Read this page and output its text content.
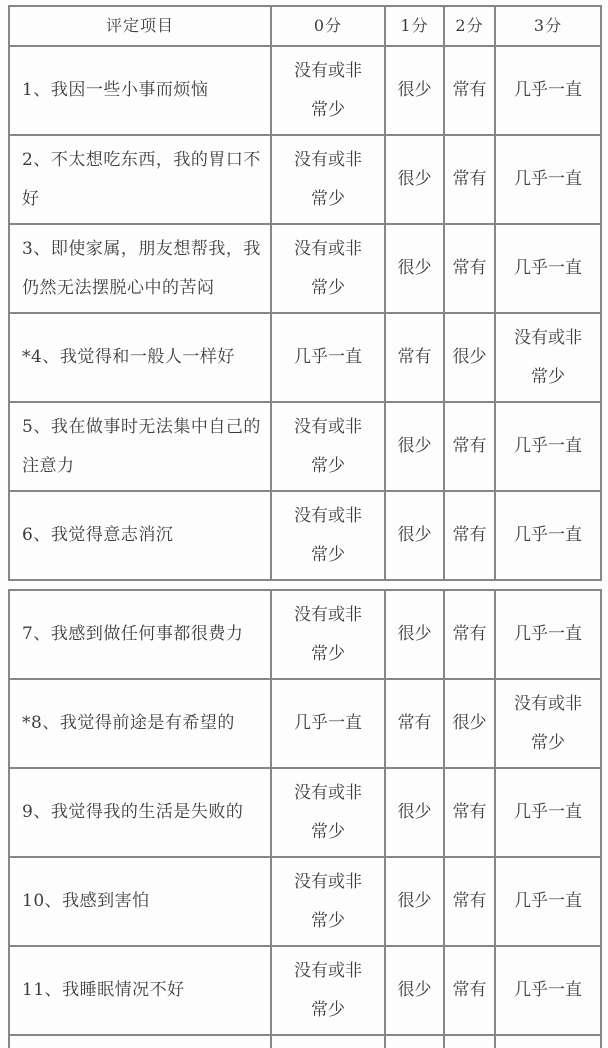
评定项目	0分	1分	2分	3分
1、我因一些小事而烦恼	没有或非常少	很少	常有	几乎一直
2、不太想吃东西，我的胃口不好	没有或非常少	很少	常有	几乎一直
3、即使家属，朋友想帮我，我仍然无法摆脱心中的苦闷	没有或非常少	很少	常有	几乎一直
*4、我觉得和一般人一样好	几乎一直	常有	很少	没有或非常少
5、我在做事时无法集中自己的注意力	没有或非常少	很少	常有	几乎一直
6、我觉得意志消沉	没有或非常少	很少	常有	几乎一直
7、我感到做任何事都很费力	没有或非常少	很少	常有	几乎一直
*8、我觉得前途是有希望的	几乎一直	常有	很少	没有或非常少
9、我觉得我的生活是失败的	没有或非常少	很少	常有	几乎一直
10、我感到害怕	没有或非常少	很少	常有	几乎一直
11、我睡眠情况不好	没有或非常少	很少	常有	几乎一直
